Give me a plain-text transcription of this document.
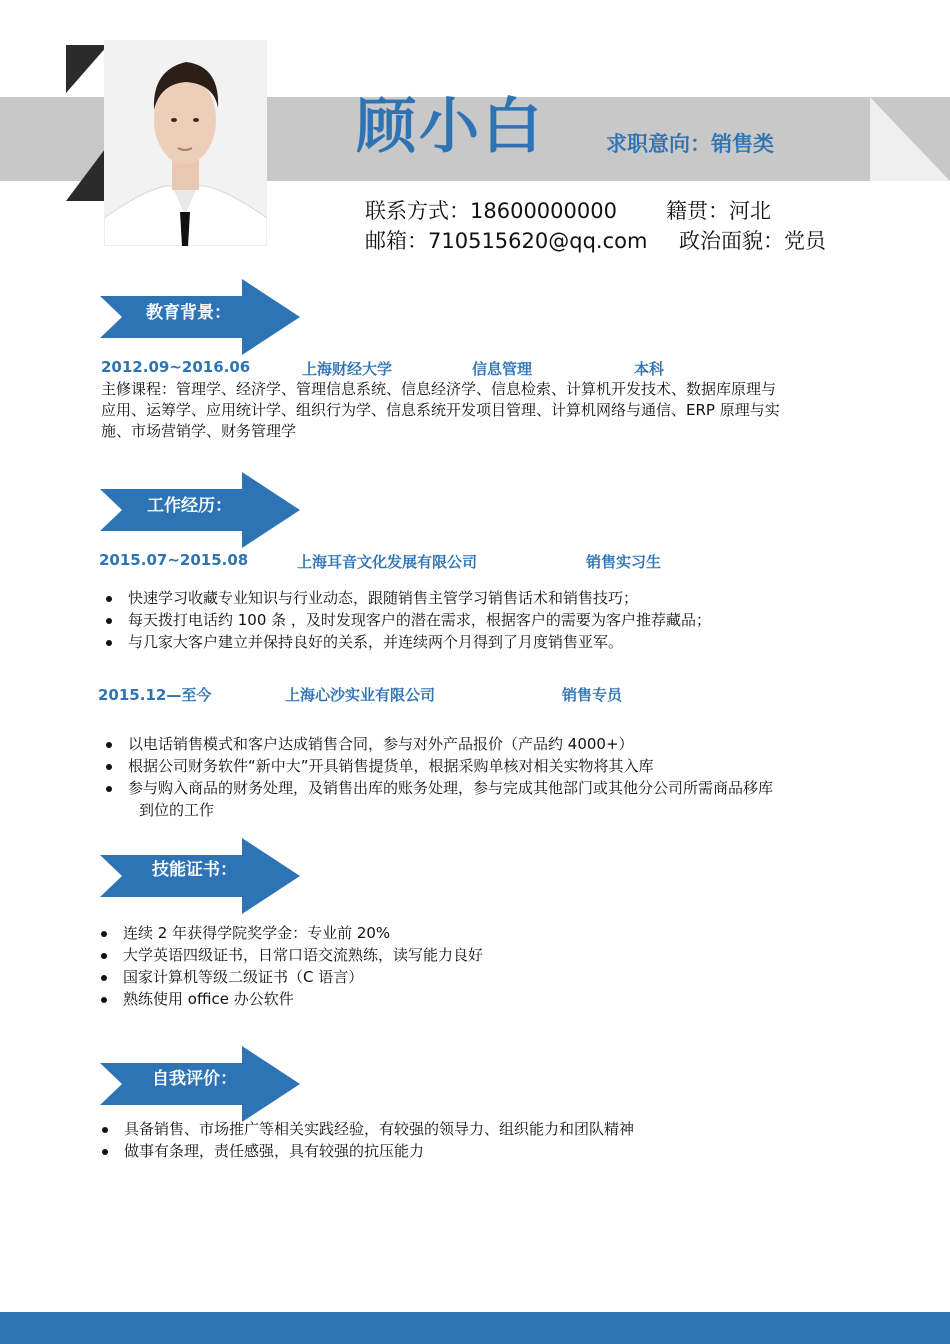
顾小白	求职意向：销售类
联系方式：18600000000 籍贯：河北
邮箱：710515620@qq.com 政治面貌：党员
教育背景：
2012.09~2016.06	上海财经大学	信息管理	本科
主修课程：管理学、经济学、管理信息系统、信息经济学、信息检索、计算机开发技术、数据库原理与
应用、运筹学、应用统计学、组织行为学、信息系统开发项目管理、计算机网络与通信、ERP 原理与实
施、市场营销学、财务管理学
工作经历：
2015.07~2015.08	上海耳音文化发展有限公司	销售实习生
快速学习收藏专业知识与行业动态，跟随销售主管学习销售话术和销售技巧；
每天拨打电话约 100 条 ，及时发现客户的潜在需求，根据客户的需要为客户推荐藏品；
与几家大客户建立并保持良好的关系，并连续两个月得到了月度销售亚军。
2015.12—至今	上海心沙实业有限公司	销售专员
以电话销售模式和客户达成销售合同，参与对外产品报价（产品约 4000+）
根据公司财务软件“新中大”开具销售提货单，根据采购单核对相关实物将其入库
参与购入商品的财务处理，及销售出库的账务处理，参与完成其他部门或其他分公司所需商品移库
到位的工作
技能证书：
连续 2 年获得学院奖学金：专业前 20%
大学英语四级证书，日常口语交流熟练，读写能力良好
国家计算机等级二级证书（C 语言）
熟练使用 office 办公软件
自我评价：
具备销售、市场推广等相关实践经验，有较强的领导力、组织能力和团队精神
做事有条理，责任感强，具有较强的抗压能力
